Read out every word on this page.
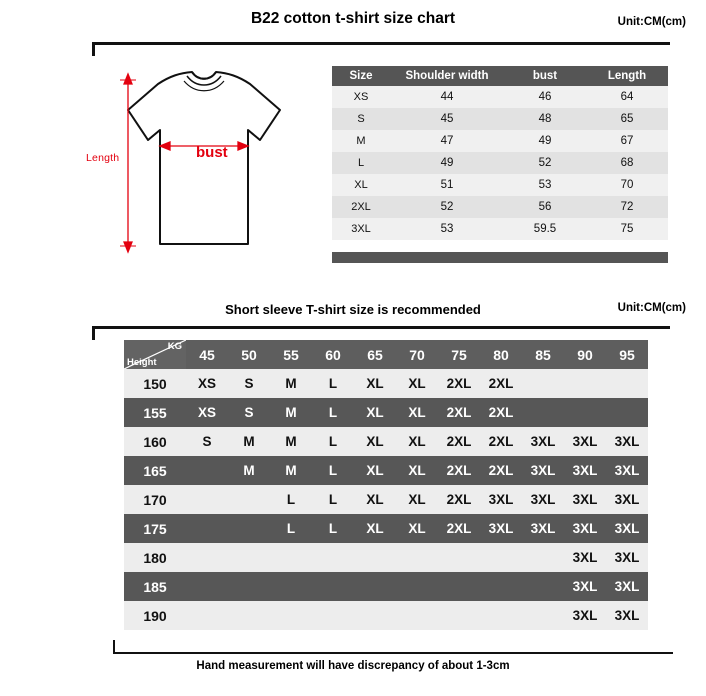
B22 cotton t-shirt size chart	Unit:CM(cm)
Length	bust
Size	Shoulder width	bust	Length
XS	44	46	64
S	45	48	65
M	47	49	67
L	49	52	68
XL	51	53	70
2XL	52	56	72
3XL	53	59.5	75
Short sleeve T-shirt size is recommended	Unit:CM(cm)
KG
Height	45	50	55	60	65	70	75	80	85	90	95
150	XS	S	M	L	XL	XL	2XL	2XL			
155	XS	S	M	L	XL	XL	2XL	2XL			
160	S	M	M	L	XL	XL	2XL	2XL	3XL	3XL	3XL
165		M	M	L	XL	XL	2XL	2XL	3XL	3XL	3XL
170			L	L	XL	XL	2XL	3XL	3XL	3XL	3XL
175			L	L	XL	XL	2XL	3XL	3XL	3XL	3XL
180										3XL	3XL
185										3XL	3XL
190										3XL	3XL
Hand measurement will have discrepancy of about 1-3cm
